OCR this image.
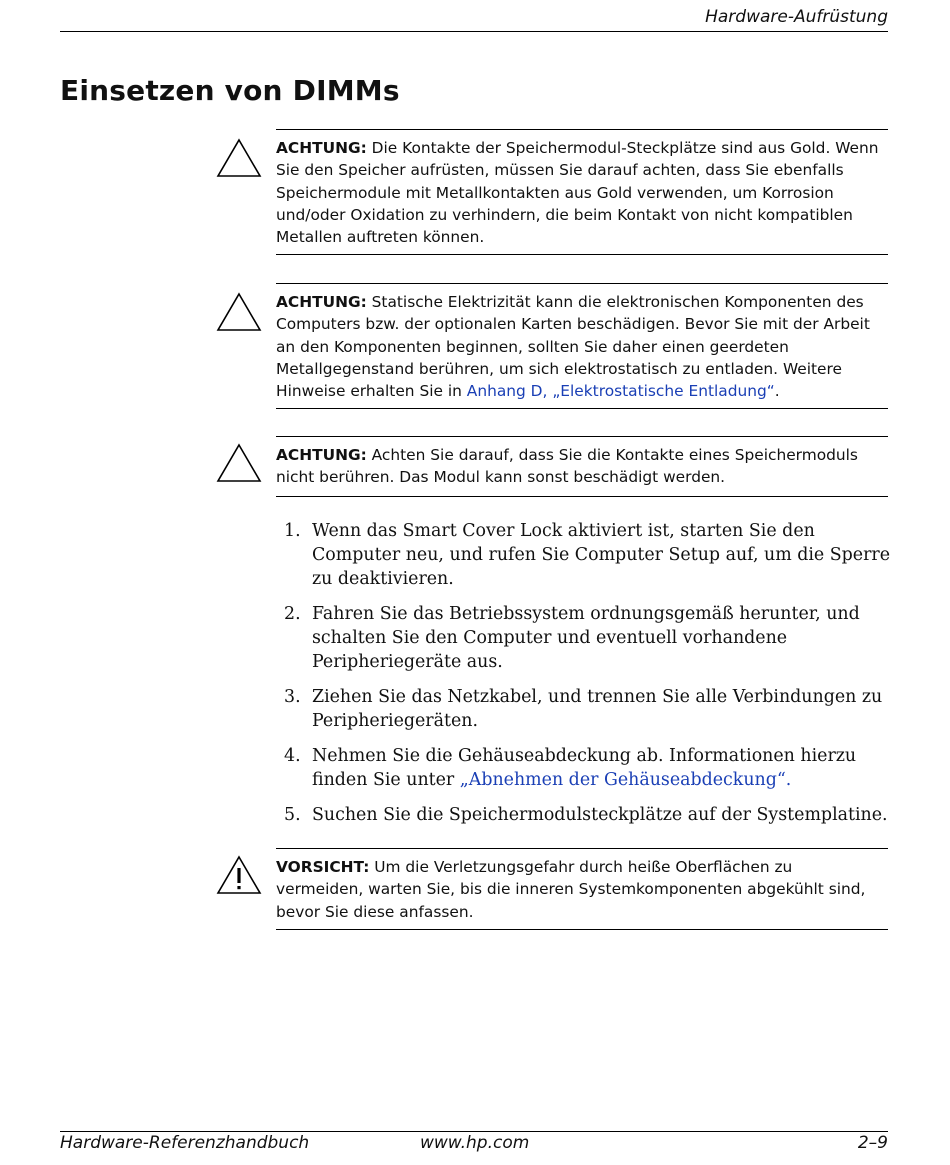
Hardware-Aufrüstung
Einsetzen von DIMMs
ACHTUNG: Die Kontakte der Speichermodul-Steckplätze sind aus Gold. Wenn Sie den Speicher aufrüsten, müssen Sie darauf achten, dass Sie ebenfalls Speichermodule mit Metallkontakten aus Gold verwenden, um Korrosion und/oder Oxidation zu verhindern, die beim Kontakt von nicht kompatiblen Metallen auftreten können.
ACHTUNG: Statische Elektrizität kann die elektronischen Komponenten des Computers bzw. der optionalen Karten beschädigen. Bevor Sie mit der Arbeit an den Komponenten beginnen, sollten Sie daher einen geerdeten Metallgegenstand berühren, um sich elektrostatisch zu entladen. Weitere Hinweise erhalten Sie in Anhang D, „Elektrostatische Entladung“.
ACHTUNG: Achten Sie darauf, dass Sie die Kontakte eines Speichermoduls nicht berühren. Das Modul kann sonst beschädigt werden.
1. Wenn das Smart Cover Lock aktiviert ist, starten Sie den Computer neu, und rufen Sie Computer Setup auf, um die Sperre zu deaktivieren.
2. Fahren Sie das Betriebssystem ordnungsgemäß herunter, und schalten Sie den Computer und eventuell vorhandene Peripheriegeräte aus.
3. Ziehen Sie das Netzkabel, und trennen Sie alle Verbindungen zu Peripheriegeräten.
4. Nehmen Sie die Gehäuseabdeckung ab. Informationen hierzu finden Sie unter „Abnehmen der Gehäuseabdeckung“.
5. Suchen Sie die Speichermodulsteckplätze auf der Systemplatine.
VORSICHT: Um die Verletzungsgefahr durch heiße Oberflächen zu vermeiden, warten Sie, bis die inneren Systemkomponenten abgekühlt sind, bevor Sie diese anfassen.
Hardware-Referenzhandbuch	www.hp.com	2–9
